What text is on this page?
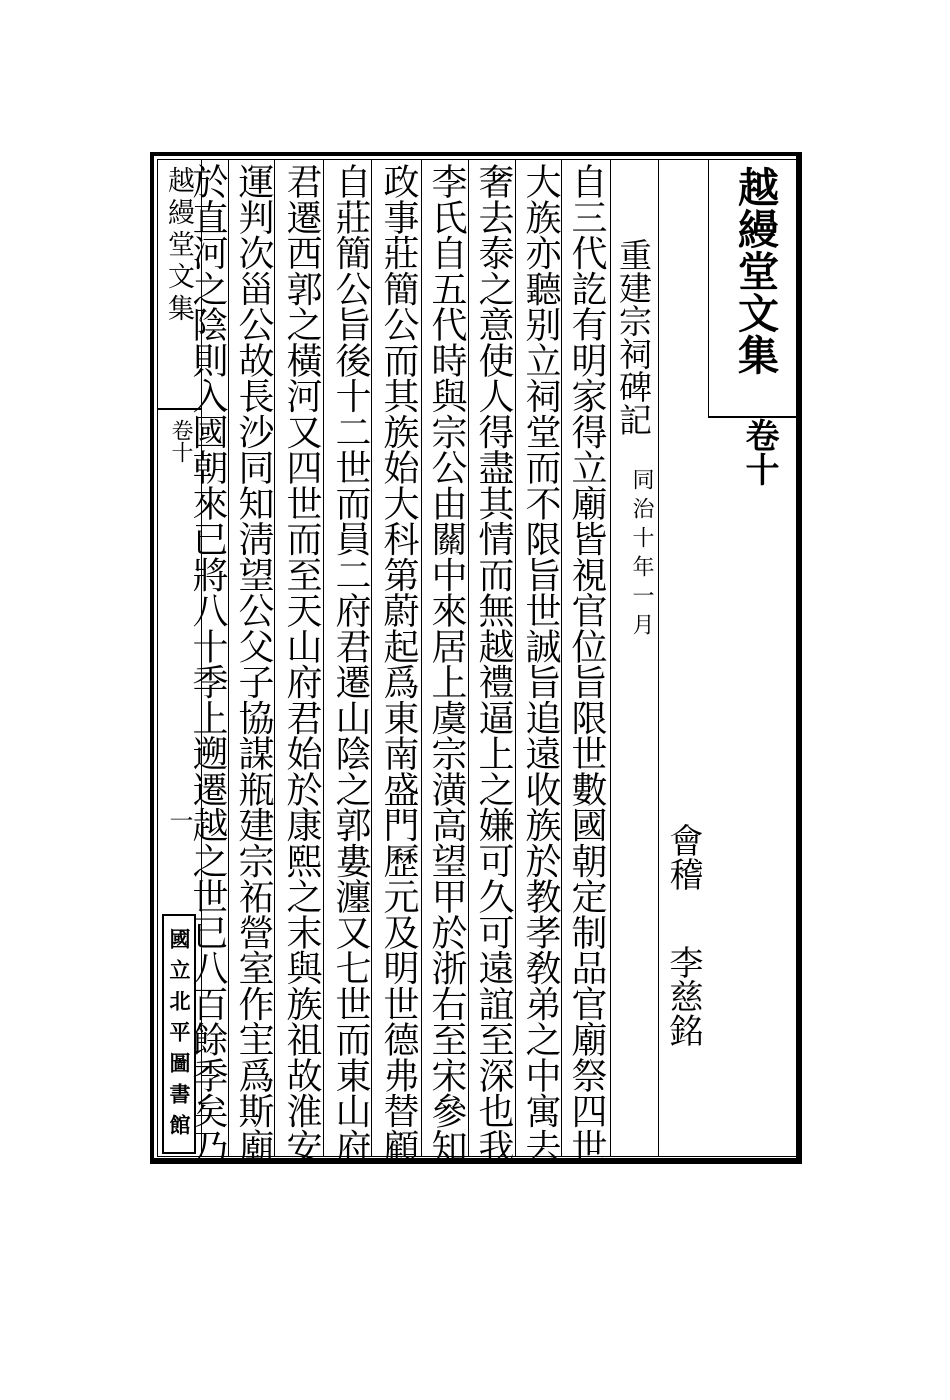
越縵堂文集
卷十
重建宗祠碑記
同治十年一月
會稽
李慈銘
自三代訖有明家得立廟皆視官位旨限世數國朝定制品官廟祭四世
大族亦聽别立祠堂而不限旨世誠旨追遠收族於教孝敎弟之中寓去
奢去泰之意使人得盡其情而無越禮逼上之嫌可久可遠誼至深也我
李氏自五代時與宗公由關中來居上虞宗潢高望甲於浙右至宋參知
政事莊簡公而其族始大科第蔚起爲東南盛門歷元及明世德弗替顧
自莊簡公旨後十二世而員二府君遷山陰之郭婁瀍又七世而東山府
君遷西郭之橫河又四世而至天山府君始於康熙之末與族祖故淮安
運判次甾公故長沙同知淸望公父子協謀瓶建宗祏營室作宔爲斯廟
於直河之陰則入國朝來已將八十季上遡遷越之世已八百餘季矣乃
越縵堂文集
卷十
一
國立北平圖書館
